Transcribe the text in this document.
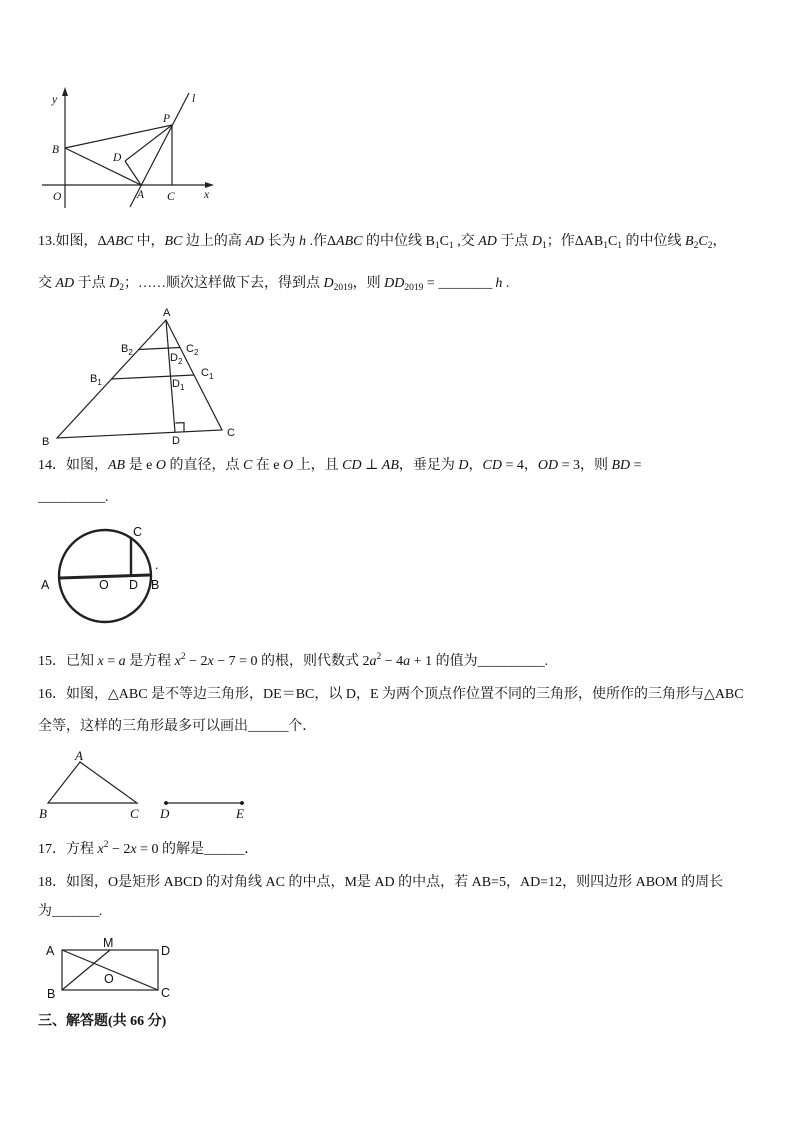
y	l
P
B
D
O	A C	x
13.如图，ΔABC 中，BC 边上的高 AD 长为 h .作ΔABC 的中位线 $B_1C_1$ ,交 AD 于点 $D_1$；作$\Delta AB_1C_1$ 的中位线 $B_2C_2$，
交 AD 于点 $D_2$；……顺次这样做下去，得到点 $D_{2019}$，则 $DD_{2019}$ = ________ h .
A
$B_2$	$C_2$
$D_2$
$B_1$
$C_1$
$D_1$
B	D
C
14．如图，AB 是 e O 的直径，点 C 在 e O 上，且 CD ⊥ AB，垂足为 D，CD = 4，OD = 3，则 BD =
__________.
C
A	O D B
.
15．已知 x = a 是方程 $x^2 - 2x - 7 = 0$ 的根，则代数式 $2a^2 - 4a + 1$ 的值为__________.
16．如图，△ABC 是不等边三角形，DE＝BC，以 D，E 为两个顶点作位置不同的三角形，使所作的三角形与△ABC
全等，这样的三角形最多可以画出______个．
A
B	C D	E
17．方程 $x^2 - 2x = 0$ 的解是______．
18．如图，O是矩形 ABCD 的对角线 AC 的中点，M是 AD 的中点，若 AB=5，AD=12，则四边形 ABOM 的周长
为_______.
A
M
D
O
B	C
三、解答题(共 66 分)
